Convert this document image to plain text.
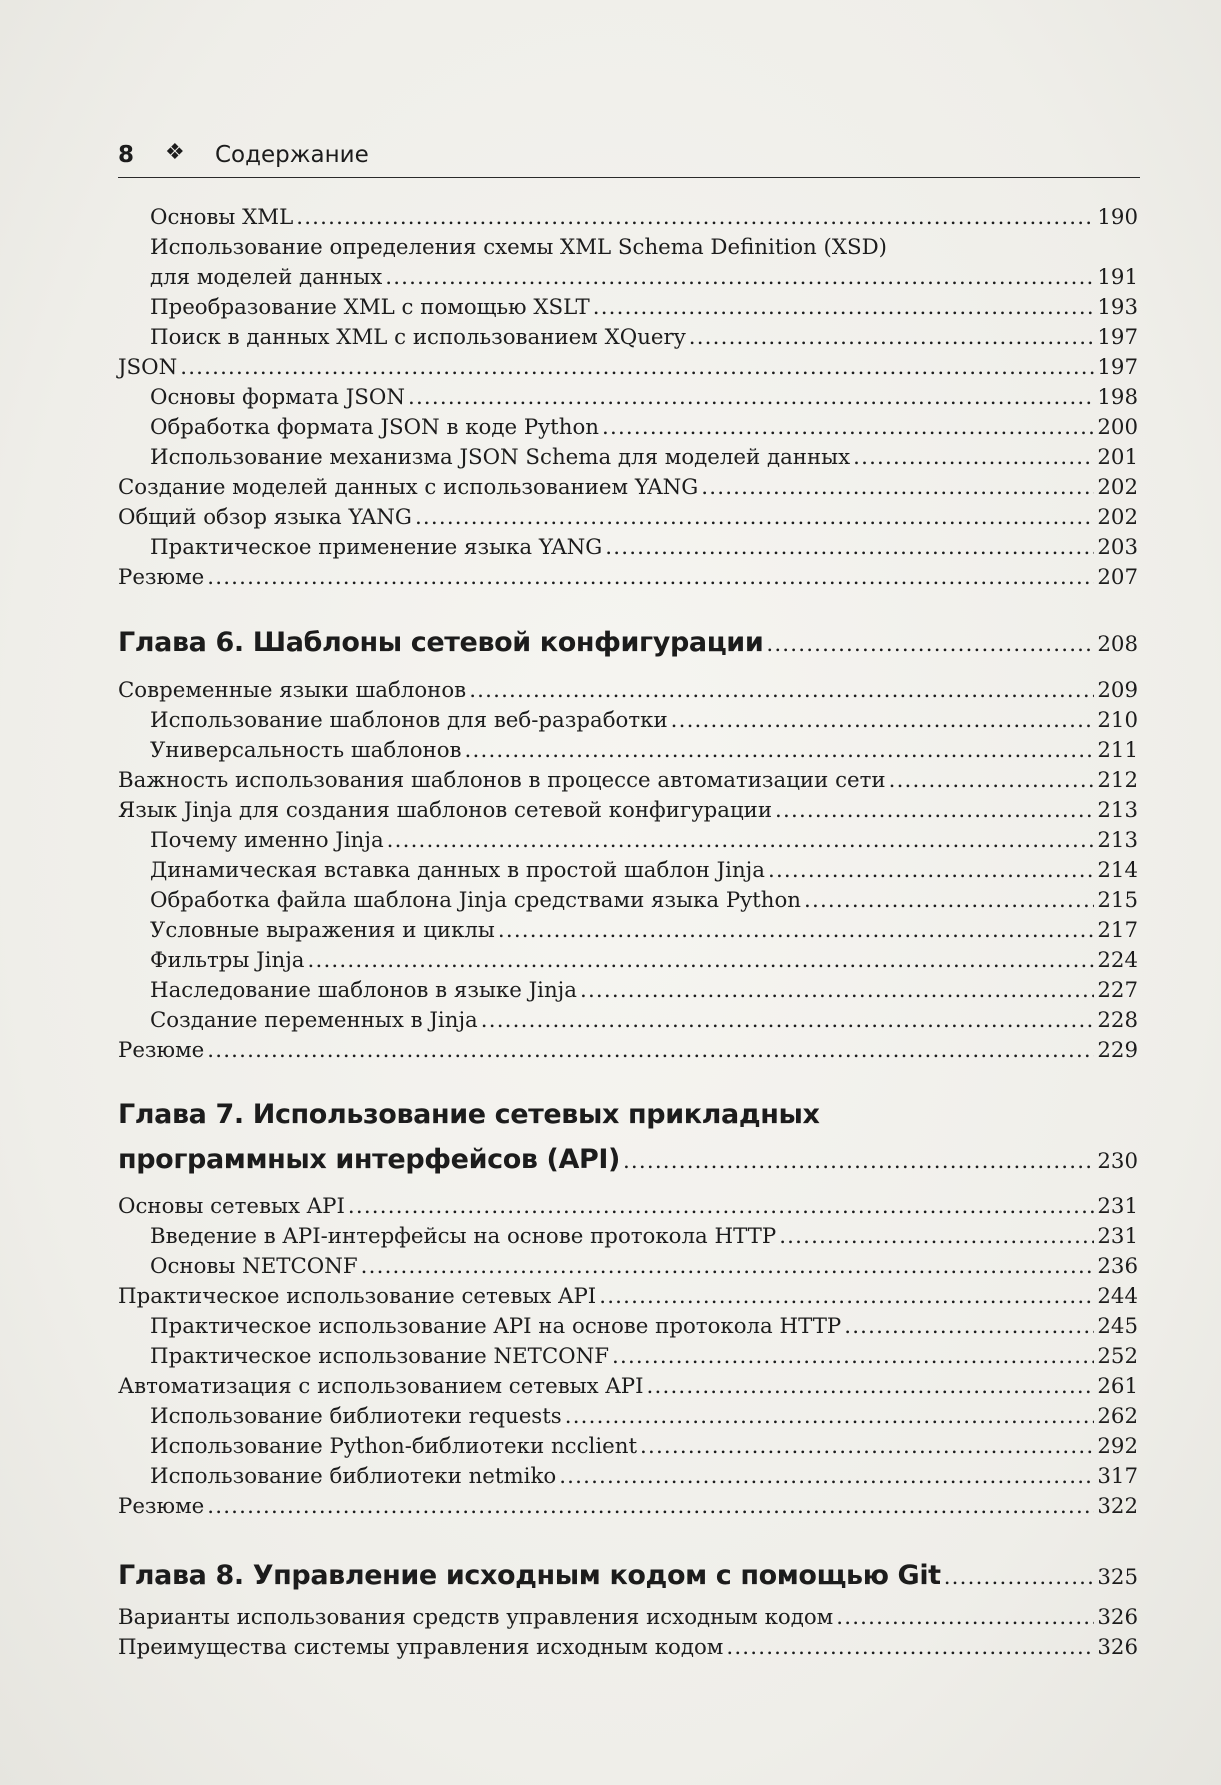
8 ❖ Содержание
Основы XML .....	190
Использование определения схемы XML Schema Definition (XSD)
для моделей данных .....	191
Преобразование XML с помощью XSLT .....	193
Поиск в данных XML с использованием XQuery .....	197
JSON .....	197
Основы формата JSON .....	198
Обработка формата JSON в коде Python .....	200
Использование механизма JSON Schema для моделей данных .....	201
Создание моделей данных с использованием YANG .....	202
Общий обзор языка YANG .....	202
Практическое применение языка YANG .....	203
Резюме .....	207
Глава 6. Шаблоны сетевой конфигурации .....	208
Современные языки шаблонов .....	209
Использование шаблонов для веб-разработки .....	210
Универсальность шаблонов .....	211
Важность использования шаблонов в процессе автоматизации сети .....	212
Язык Jinja для создания шаблонов сетевой конфигурации .....	213
Почему именно Jinja .....	213
Динамическая вставка данных в простой шаблон Jinja .....	214
Обработка файла шаблона Jinja средствами языка Python .....	215
Условные выражения и циклы .....	217
Фильтры Jinja .....	224
Наследование шаблонов в языке Jinja .....	227
Создание переменных в Jinja .....	228
Резюме .....	229
Глава 7. Использование сетевых прикладных
программных интерфейсов (API) .....	230
Основы сетевых API .....	231
Введение в API-интерфейсы на основе протокола HTTP .....	231
Основы NETCONF .....	236
Практическое использование сетевых API .....	244
Практическое использование API на основе протокола HTTP .....	245
Практическое использование NETCONF .....	252
Автоматизация с использованием сетевых API .....	261
Использование библиотеки requests .....	262
Использование Python-библиотеки ncclient .....	292
Использование библиотеки netmiko .....	317
Резюме .....	322
Глава 8. Управление исходным кодом с помощью Git .....	325
Варианты использования средств управления исходным кодом .....	326
Преимущества системы управления исходным кодом .....	326
